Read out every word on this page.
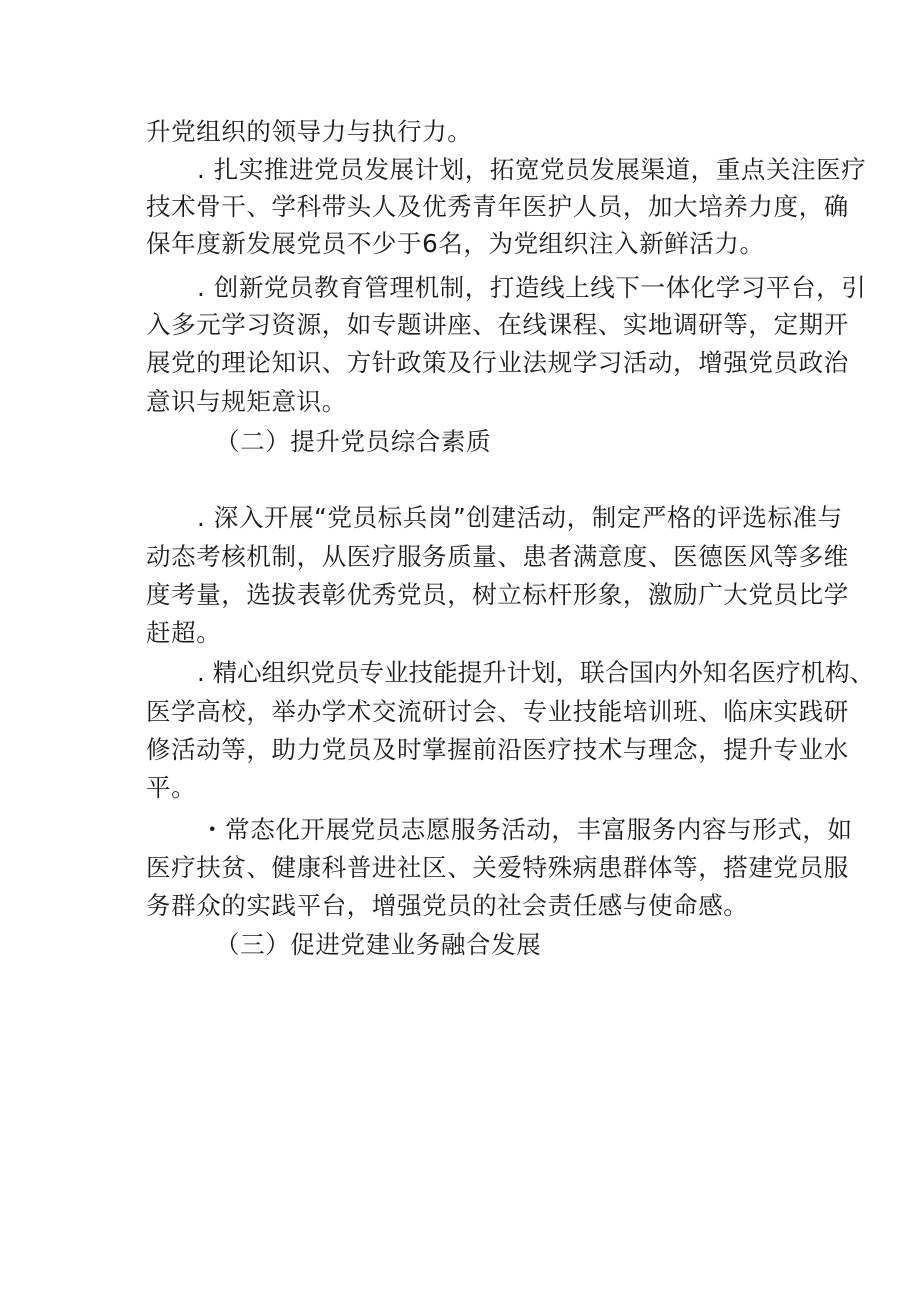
升党组织的领导力与执行力。
. 扎实推进党员发展计划，拓宽党员发展渠道，重点关注医疗
技术骨干、学科带头人及优秀青年医护人员，加大培养力度，确
保年度新发展党员不少于6名，为党组织注入新鲜活力。
. 创新党员教育管理机制，打造线上线下一体化学习平台，引
入多元学习资源，如专题讲座、在线课程、实地调研等，定期开
展党的理论知识、方针政策及行业法规学习活动，增强党员政治
意识与规矩意识。
（二）提升党员综合素质
. 深入开展“党员标兵岗”创建活动，制定严格的评选标准与
动态考核机制，从医疗服务质量、患者满意度、医德医风等多维
度考量，选拔表彰优秀党员，树立标杆形象，激励广大党员比学
赶超。
. 精心组织党员专业技能提升计划，联合国内外知名医疗机构、
医学高校，举办学术交流研讨会、专业技能培训班、临床实践研
修活动等，助力党员及时掌握前沿医疗技术与理念，提升专业水
平。
・常态化开展党员志愿服务活动，丰富服务内容与形式，如
医疗扶贫、健康科普进社区、关爱特殊病患群体等，搭建党员服
务群众的实践平台，增强党员的社会责任感与使命感。
（三）促进党建业务融合发展
